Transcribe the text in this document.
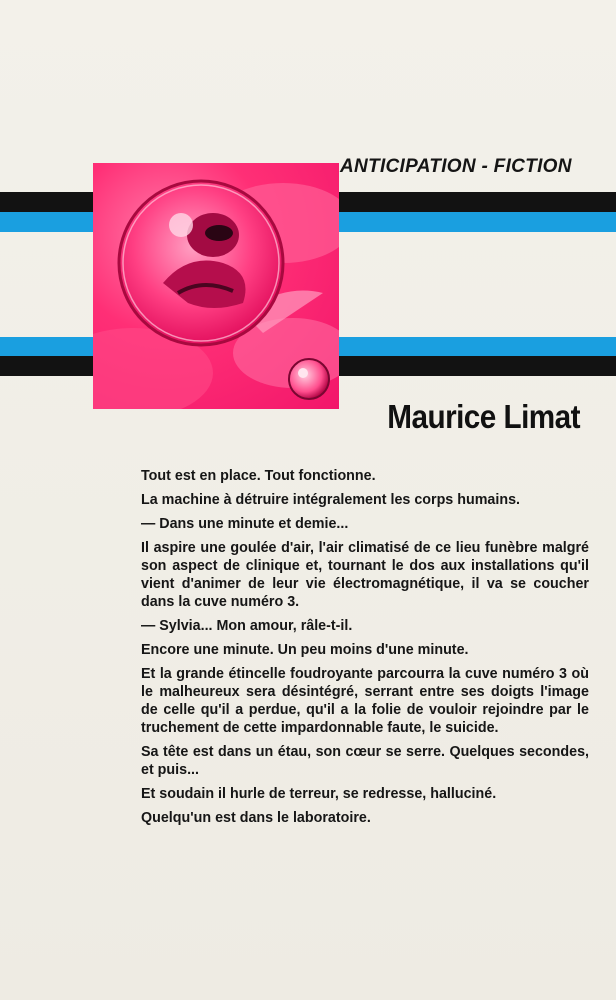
ANTICIPATION - FICTION
Maurice Limat

Tout est en place. Tout fonctionne.

La machine à détruire intégralement les corps humains.

— Dans une minute et demie...

Il aspire une goulée d'air, l'air climatisé de ce lieu funèbre malgré son aspect de clinique et, tournant le dos aux installations qu'il vient d'animer de leur vie électromagnétique, il va se coucher dans la cuve numéro 3.

— Sylvia... Mon amour, râle-t-il.

Encore une minute. Un peu moins d'une minute.

Et la grande étincelle foudroyante parcourra la cuve numéro 3 où le malheureux sera désintégré, serrant entre ses doigts l'image de celle qu'il a perdue, qu'il a la folie de vouloir rejoindre par le truchement de cette impardonnable faute, le suicide.

Sa tête est dans un étau, son cœur se serre. Quelques secondes, et puis...

Et soudain il hurle de terreur, se redresse, halluciné.

Quelqu'un est dans le laboratoire.
